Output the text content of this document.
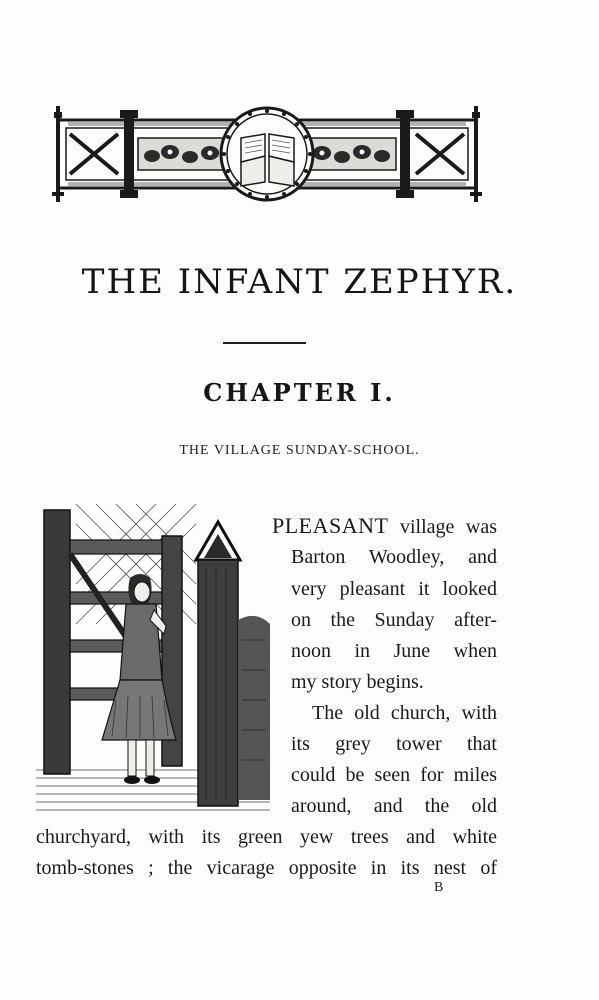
THE INFANT ZEPHYR.
CHAPTER I.

THE VILLAGE SUNDAY-SCHOOL.

PLEASANT village was

Barton Woodley, and

very pleasant it looked

on the Sunday after-

noon in June when

my story begins.

The old church, with

its grey tower that

could be seen for miles

around, and the old

churchyard, with its green yew trees and white

tomb-stones ; the vicarage opposite in its nest of

B
